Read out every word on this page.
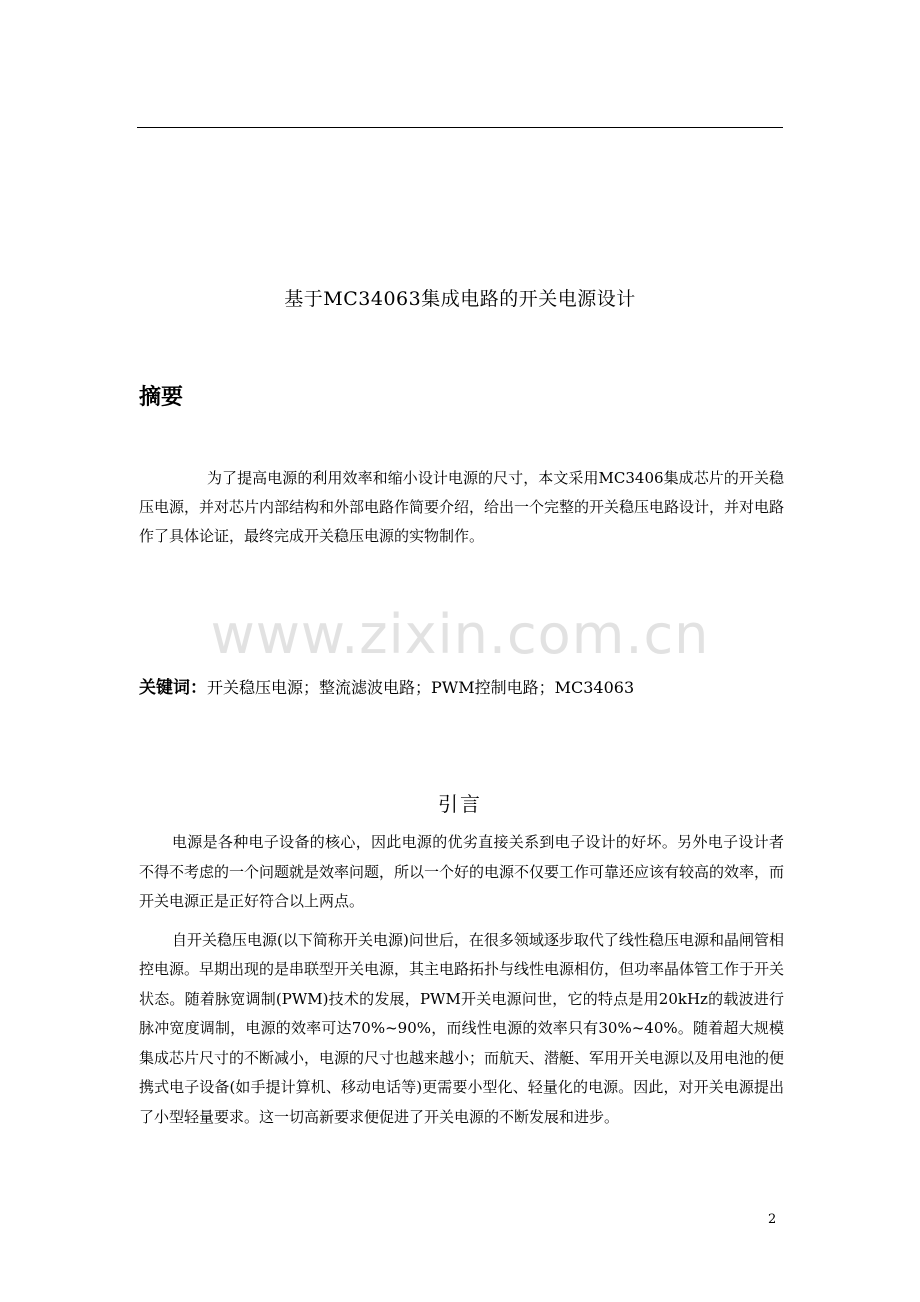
基于MC34063集成电路的开关电源设计
摘要

为了提高电源的利用效率和缩小设计电源的尺寸，本文采用MC3406集成芯片的开关稳压电源，并对芯片内部结构和外部电路作简要介绍，给出一个完整的开关稳压电路设计，并对电路作了具体论证，最终完成开关稳压电源的实物制作。

www.zixin.com.cn
关键词：开关稳压电源；整流滤波电路；PWM控制电路；MC34063
引言

电源是各种电子设备的核心，因此电源的优劣直接关系到电子设计的好坏。另外电子设计者不得不考虑的一个问题就是效率问题，所以一个好的电源不仅要工作可靠还应该有较高的效率，而开关电源正是正好符合以上两点。

自开关稳压电源(以下简称开关电源)问世后，在很多领域逐步取代了线性稳压电源和晶闸管相控电源。早期出现的是串联型开关电源，其主电路拓扑与线性电源相仿，但功率晶体管工作于开关状态。随着脉宽调制(PWM)技术的发展，PWM开关电源问世，它的特点是用20kHz的载波进行脉冲宽度调制，电源的效率可达70%~90%，而线性电源的效率只有30%~40%。随着超大规模集成芯片尺寸的不断减小，电源的尺寸也越来越小；而航天、潜艇、军用开关电源以及用电池的便携式电子设备(如手提计算机、移动电话等)更需要小型化、轻量化的电源。因此，对开关电源提出了小型轻量要求。这一切高新要求便促进了开关电源的不断发展和进步。

2
